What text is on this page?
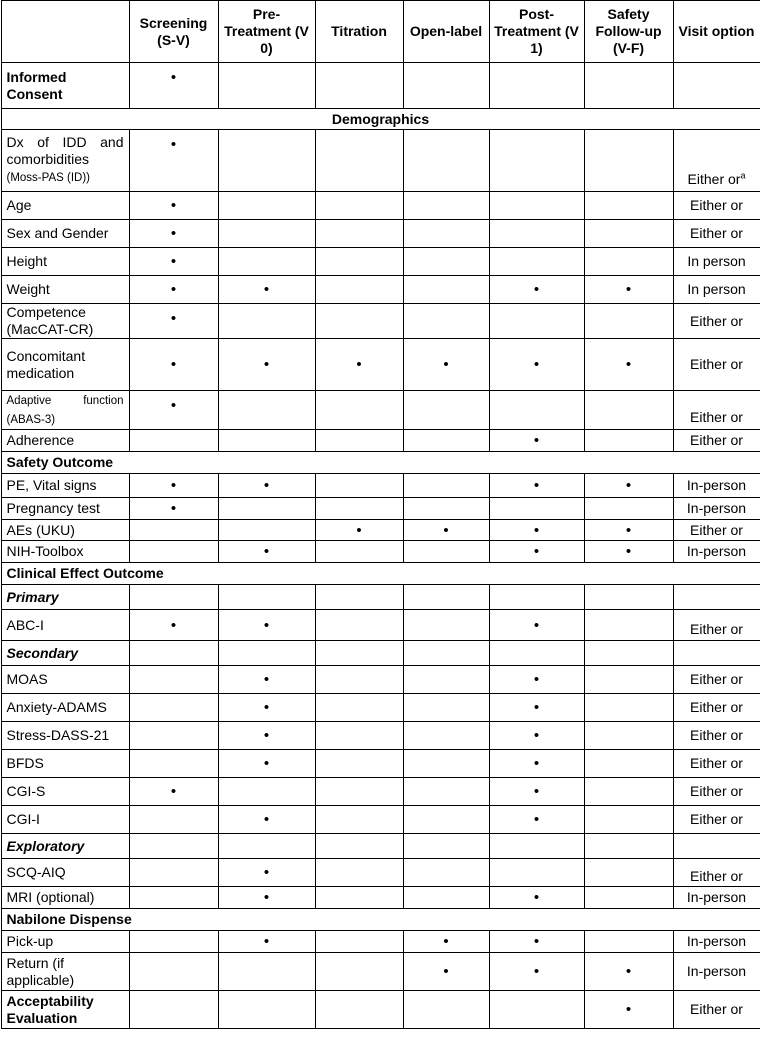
	Screening (S-V)	Pre-Treatment (V 0)	Titration	Open-label	Post-Treatment (V 1)	Safety Follow-up (V-F)	Visit option
Informed Consent	•						
Demographics							
Dx of IDD and comorbidities (Moss-PAS (ID))	•						Either $or^a$
Age	•						Either or
Sex and Gender	•						Either or
Height	•						In person
Weight	•	•			•	•	In person
Competence (MacCAT-CR)	•						Either or
Concomitant medication	•	•	•	•	•	•	Either or
Adaptive function (ABAS-3)	•						Either or
Adherence					•		Either or
Safety Outcome							
PE, Vital signs	•	•			•	•	In-person
Pregnancy test	•						In-person
AEs (UKU)			•	•	•	•	Either or
NIH-Toolbox		•			•	•	In-person
Clinical Effect Outcome							
Primary							
ABC-I	•	•			•		Either or
Secondary							
MOAS		•			•		Either or
Anxiety-ADAMS		•			•		Either or
Stress-DASS-21		•			•		Either or
BFDS		•			•		Either or
CGI-S	•				•		Either or
CGI-I		•			•		Either or
Exploratory							
SCQ-AIQ		•					Either or
MRI (optional)		•			•		In-person
Nabilone Dispense							
Pick-up		•		•	•		In-person
Return (if applicable)				•	•	•	In-person
Acceptability Evaluation						•	Either or
